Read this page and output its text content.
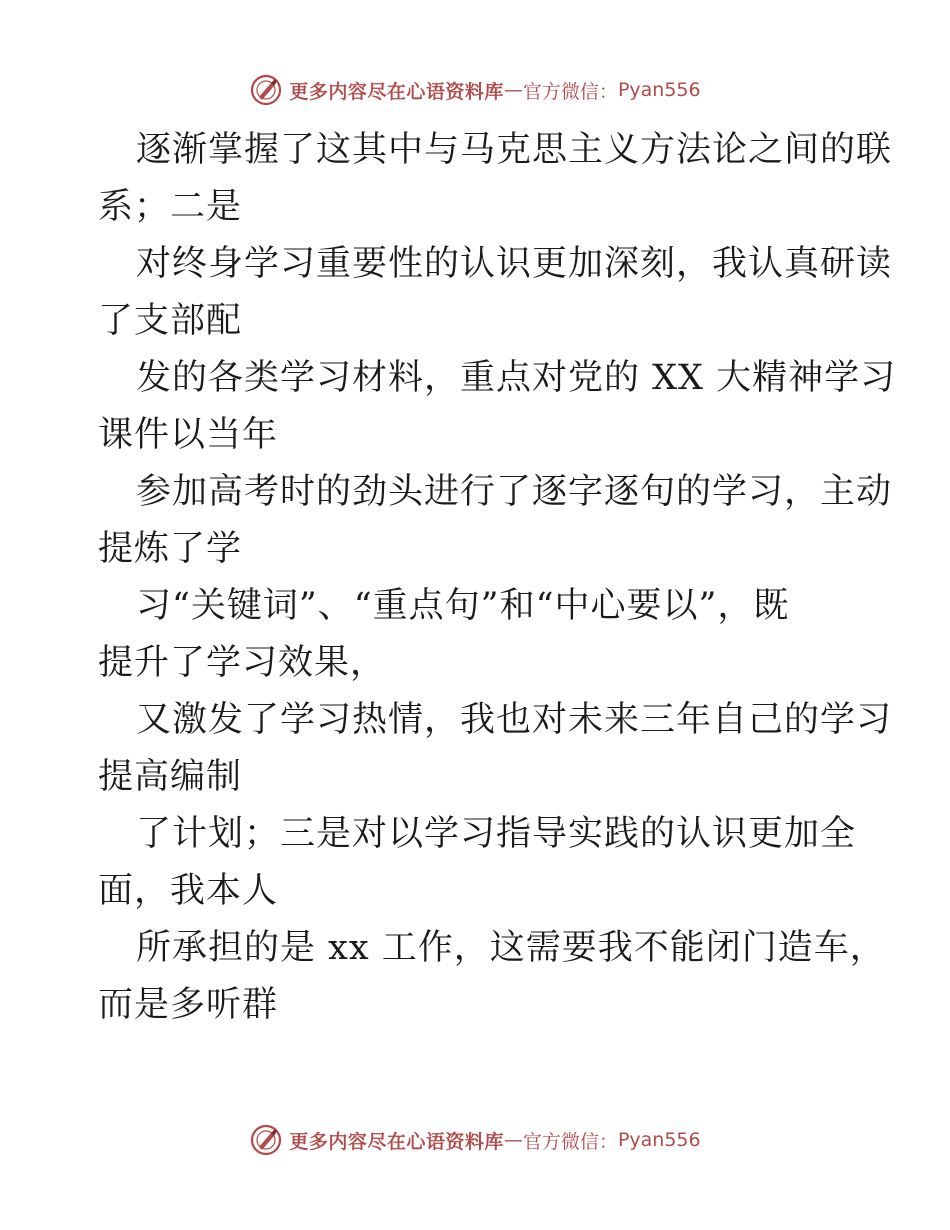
更多内容尽在心语资料库 — 官方微信： Pyan556
逐渐掌握了这其中与马克思主义方法论之间的联
系；二是
对终身学习重要性的认识更加深刻，我认真研读
了支部配
发的各类学习材料，重点对党的 XX 大精神学习
课件以当年
参加高考时的劲头进行了逐字逐句的学习，主动
提炼了学
习“关键词”、“重点句”和“中心要以”，既
提升了学习效果，
又激发了学习热情，我也对未来三年自己的学习
提高编制
了计划；三是对以学习指导实践的认识更加全
面，我本人
所承担的是 xx 工作，这需要我不能闭门造车，
而是多听群
更多内容尽在心语资料库 — 官方微信： Pyan556
